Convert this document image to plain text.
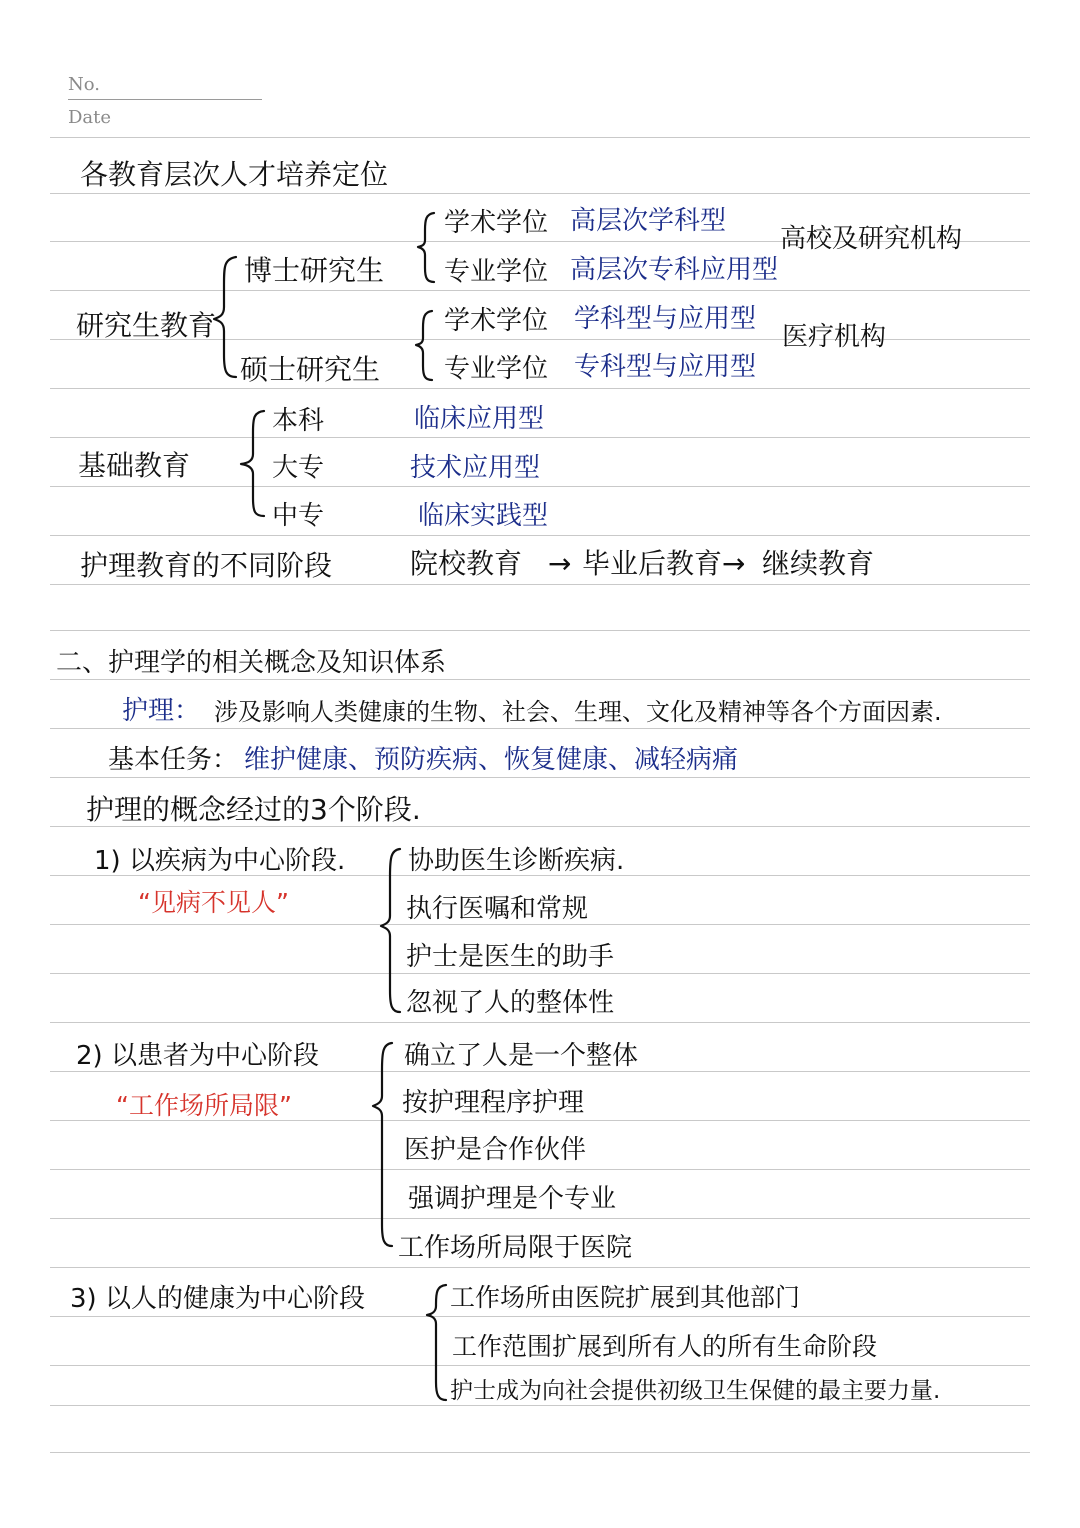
No.
Date
各教育层次人才培养定位
研究生教育
博士研究生
硕士研究生
学术学位 高层次学科型
专业学位 高层次专科应用型
高校及研究机构
学术学位 学科型与应用型
专业学位 专科型与应用型
医疗机构
基础教育
本科	临床应用型
大专	技术应用型
中专	临床实践型
护理教育的不同阶段	院校教育 → 毕业后教育 → 继续教育
二、护理学的相关概念及知识体系
护理： 涉及影响人类健康的生物、社会、生理、文化及精神等各个方面因素.
基本任务： 维护健康、预防疾病、恢复健康、减轻病痛
护理的概念经过的3个阶段.
1) 以疾病为中心阶段.
“见病不见人”
协助医生诊断疾病.
执行医嘱和常规
护士是医生的助手
忽视了人的整体性
2) 以患者为中心阶段
“工作场所局限”
确立了人是一个整体
按护理程序护理
医护是合作伙伴
强调护理是个专业
工作场所局限于医院
3) 以人的健康为中心阶段	工作场所由医院扩展到其他部门
工作范围扩展到所有人的所有生命阶段
护士成为向社会提供初级卫生保健的最主要力量.
